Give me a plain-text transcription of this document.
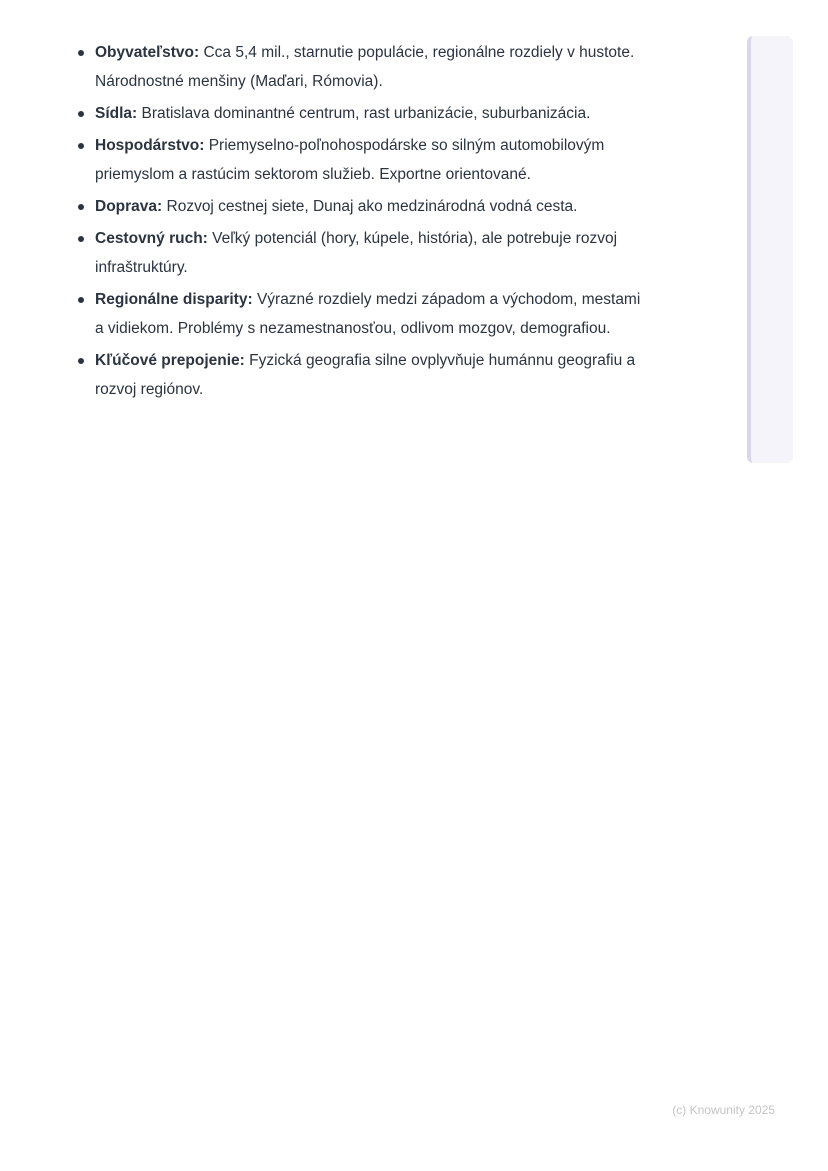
Obyvateľstvo: Cca 5,4 mil., starnutie populácie, regionálne rozdiely v hustote. Národnostné menšiny (Maďari, Rómovia).
Sídla: Bratislava dominantné centrum, rast urbanizácie, suburbanizácia.
Hospodárstvo: Priemyselno-poľnohospodárske so silným automobilovým priemyslom a rastúcim sektorom služieb. Exportne orientované.
Doprava: Rozvoj cestnej siete, Dunaj ako medzinárodná vodná cesta.
Cestovný ruch: Veľký potenciál (hory, kúpele, história), ale potrebuje rozvoj infraštruktúry.
Regionálne disparity: Výrazné rozdiely medzi západom a východom, mestami a vidiekom. Problémy s nezamestnanosťou, odlivom mozgov, demografiou.
Kľúčové prepojenie: Fyzická geografia silne ovplyvňuje humánnu geografiu a rozvoj regiónov.
(c) Knowunity 2025
